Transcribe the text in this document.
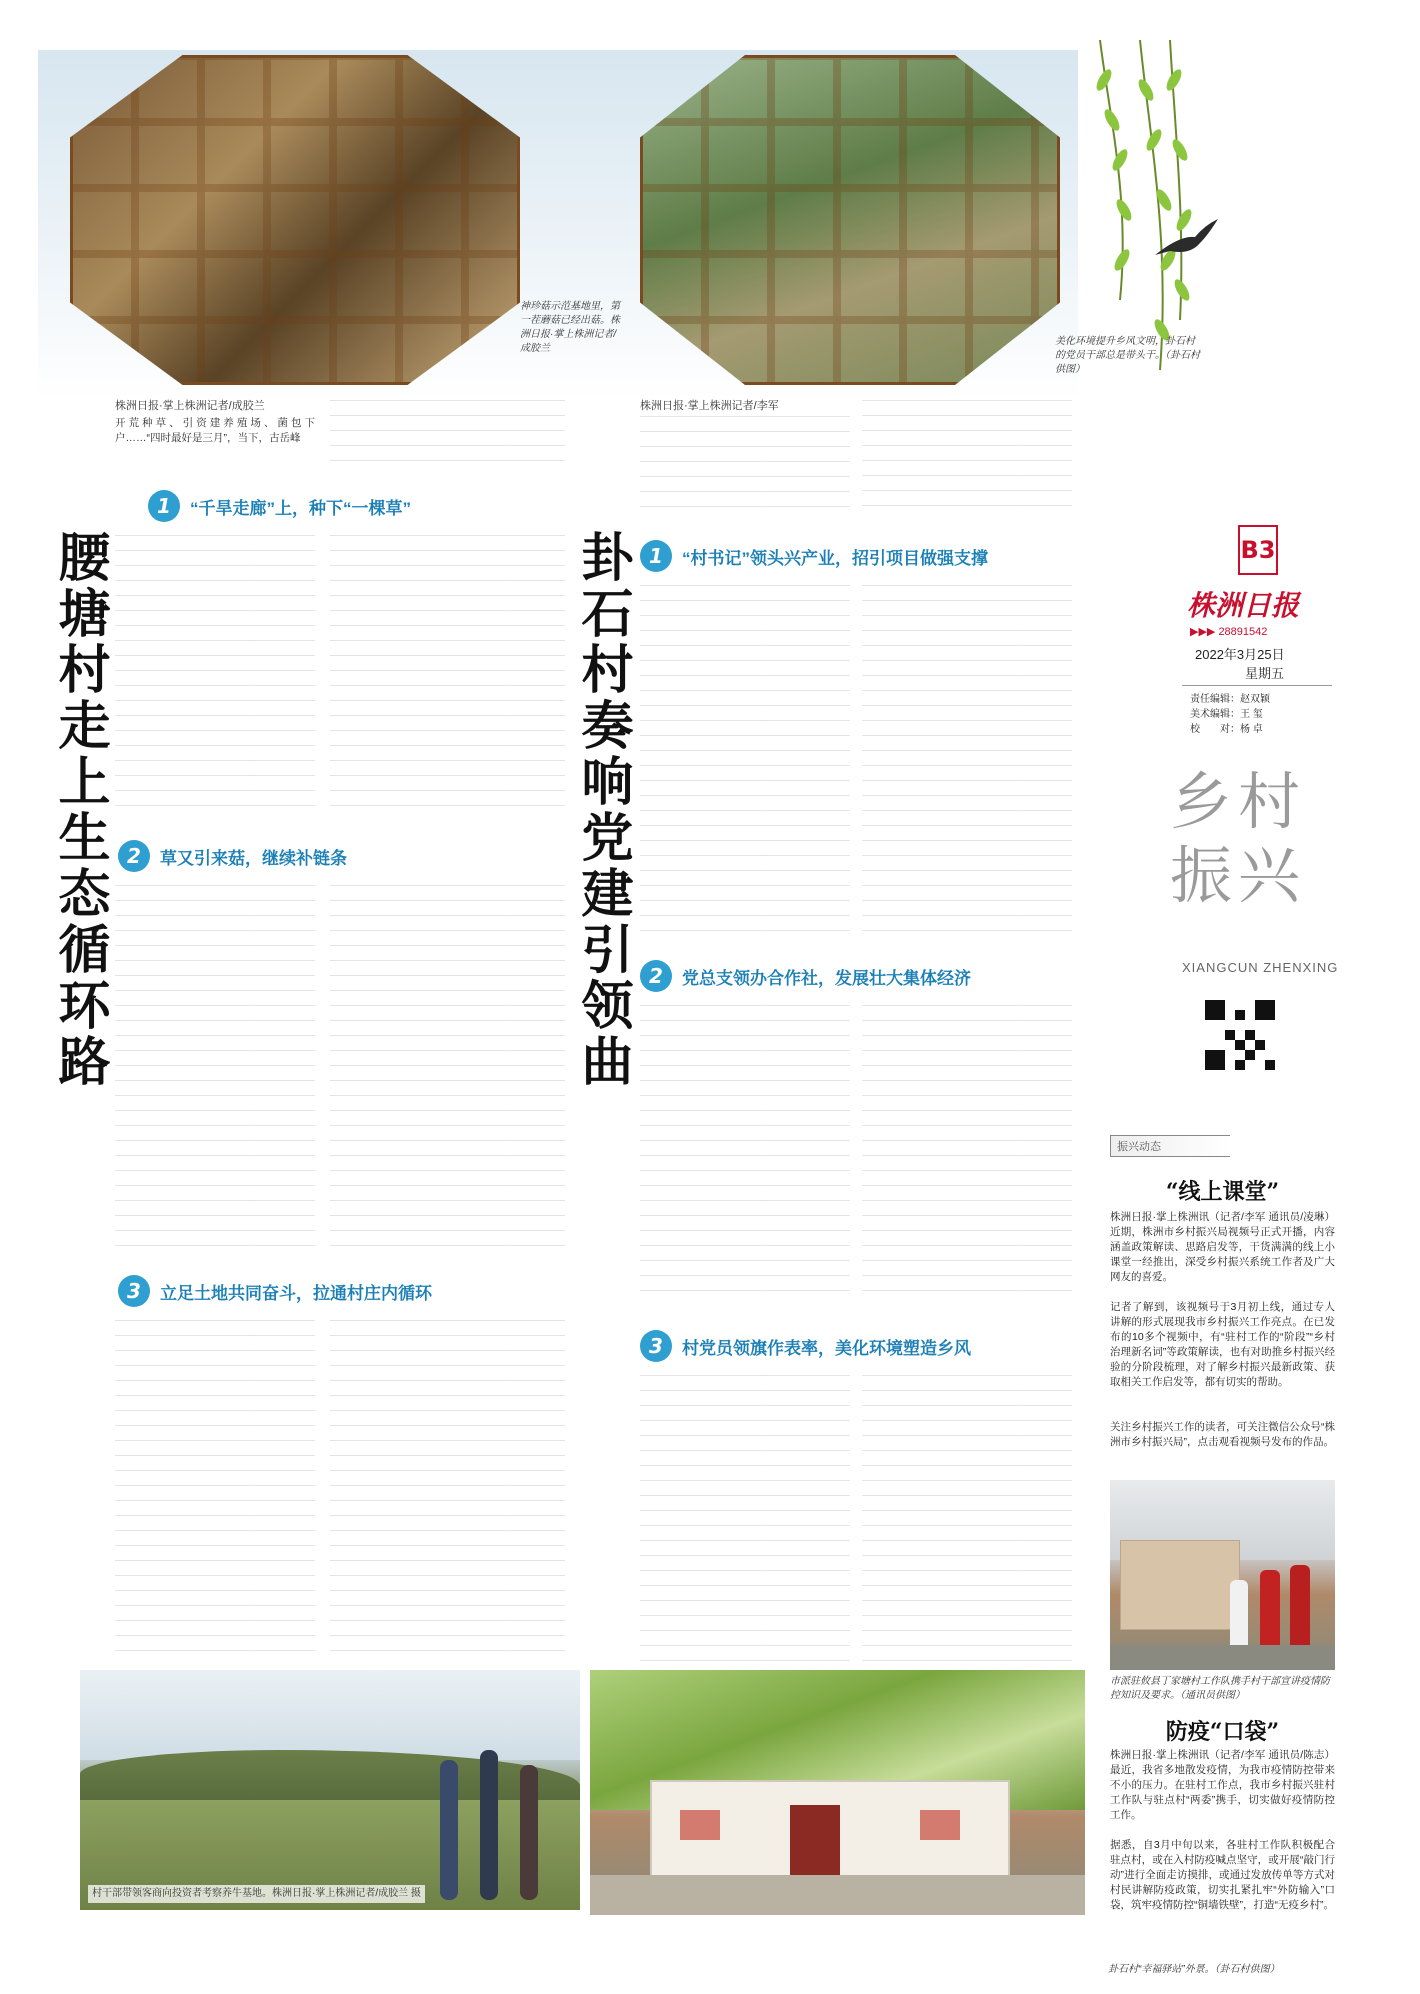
神珍菇示范基地里，第一茬蘑菇已经出菇。株洲日报·掌上株洲记者/成胶兰
美化环境提升乡风文明，卦石村的党员干部总是带头干。（卦石村供图）
腰塘村走上生态循环路
株洲日报·掌上株洲记者/成胶兰
开荒种草、引资建养殖场、菌包下户……“四时最好是三月”，当下，古岳峰
1	“千旱走廊”上，种下“一棵草”
2	草又引来菇，继续补链条
3	立足土地共同奋斗，拉通村庄内循环
村干部带领客商向投资者考察养牛基地。株洲日报·掌上株洲记者/成胶兰 摄
卦石村奏响党建引领曲
株洲日报·掌上株洲记者/李军
1	“村书记”领头兴产业，招引项目做强支撑
2	党总支领办合作社，发展壮大集体经济
3	村党员领旗作表率，美化环境塑造乡风
卦石村“幸福驿站”外景。（卦石村供图）
B3
株洲日报
▶▶▶ 28891542
2022年3月25日
星期五
责任编辑：赵双颖
美术编辑：王 玺
校　　对：杨 卓
乡村振兴
XIANGCUN ZHENXING
振兴动态
“线上课堂”
株洲日报·掌上株洲讯（记者/李军 通讯员/凌琳）近期，株洲市乡村振兴局视频号正式开播，内容涵盖政策解读、思路启发等，干货满满的线上小课堂一经推出，深受乡村振兴系统工作者及广大网友的喜爱。
记者了解到，该视频号于3月初上线，通过专人讲解的形式展现我市乡村振兴工作亮点。在已发布的10多个视频中，有“驻村工作的“阶段”“乡村治理新名词”等政策解读，也有对助推乡村振兴经验的分阶段梳理，对了解乡村振兴最新政策、获取相关工作启发等，都有切实的帮助。
关注乡村振兴工作的读者，可关注微信公众号“株洲市乡村振兴局”，点击观看视频号发布的作品。
市派驻攸县丁家塘村工作队携手村干部宣讲疫情防控知识及要求。（通讯员供图）
防疫“口袋”
株洲日报·掌上株洲讯（记者/李军 通讯员/陈志）最近，我省多地散发疫情，为我市疫情防控带来不小的压力。在驻村工作点，我市乡村振兴驻村工作队与驻点村“两委”携手，切实做好疫情防控工作。
据悉，自3月中旬以来，各驻村工作队积极配合驻点村，或在入村防疫喊点坚守，或开展“敲门行动”进行全面走访摸排，或通过发放传单等方式对村民讲解防疫政策，切实扎紧扎牢“外防输入”口袋，筑牢疫情防控“铜墙铁壁”，打造“无疫乡村”。
